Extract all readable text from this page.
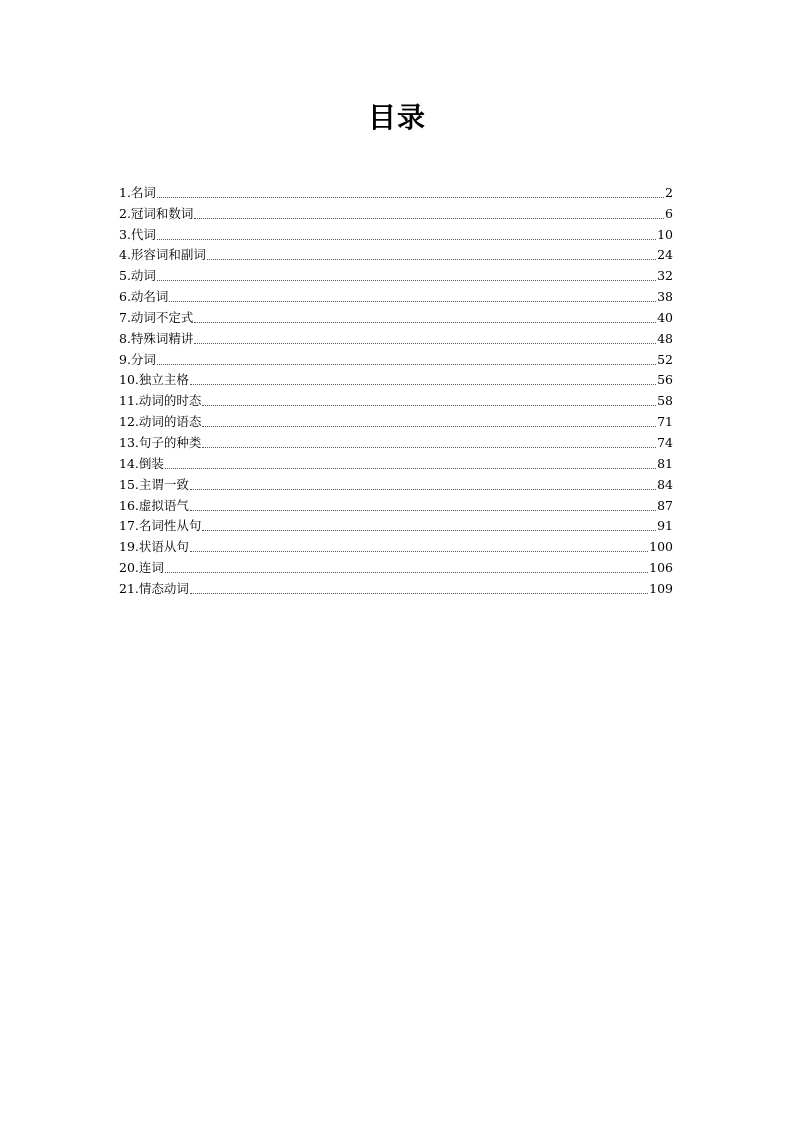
目录
1.名词	2
2.冠词和数词	6
3.代词	10
4.形容词和副词	24
5.动词	32
6.动名词	38
7.动词不定式	40
8.特殊词精讲	48
9.分词	52
10.独立主格	56
11.动词的时态	58
12.动词的语态	71
13.句子的种类	74
14.倒装	81
15.主谓一致	84
16.虚拟语气	87
17.名词性从句	91
19.状语从句	100
20.连词	106
21.情态动词	109
